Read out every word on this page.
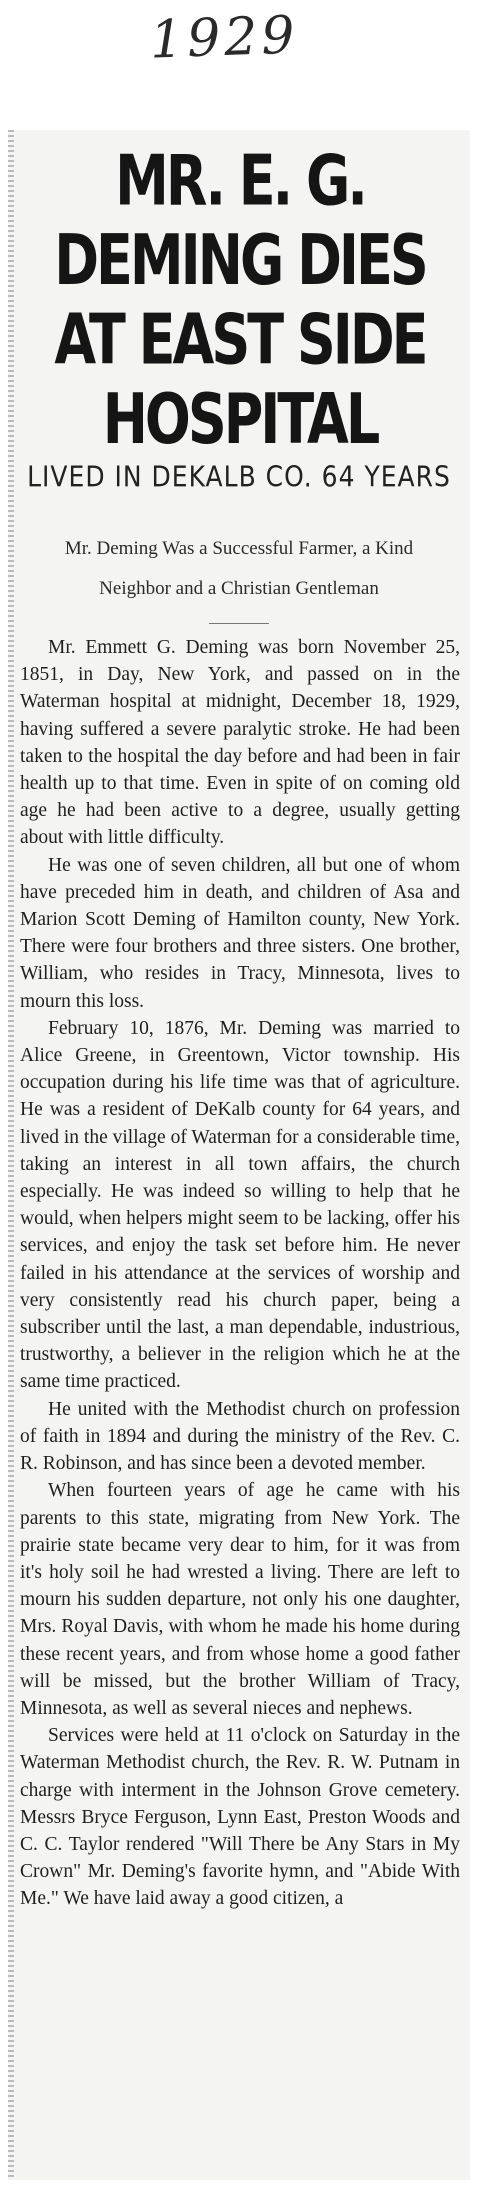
1929
MR. E. G. DEMING DIES AT EAST SIDE HOSPITAL
LIVED IN DEKALB CO. 64 YEARS
Mr. Deming Was a Successful Farmer, a Kind Neighbor and a Christian Gentleman

Mr. Emmett G. Deming was born November 25, 1851, in Day, New York, and passed on in the Waterman hospital at midnight, December 18, 1929, having suffered a severe paralytic stroke. He had been taken to the hospital the day before and had been in fair health up to that time. Even in spite of on coming old age he had been active to a degree, usually getting about with little difficulty.

He was one of seven children, all but one of whom have preceded him in death, and children of Asa and Marion Scott Deming of Hamilton county, New York. There were four brothers and three sisters. One brother, William, who resides in Tracy, Minnesota, lives to mourn this loss.

February 10, 1876, Mr. Deming was married to Alice Greene, in Greentown, Victor township. His occupation during his life time was that of agriculture. He was a resident of DeKalb county for 64 years, and lived in the village of Waterman for a considerable time, taking an interest in all town affairs, the church especially. He was indeed so willing to help that he would, when helpers might seem to be lacking, offer his services, and enjoy the task set before him. He never failed in his attendance at the services of worship and very consistently read his church paper, being a subscriber until the last, a man dependable, industrious, trustworthy, a believer in the religion which he at the same time practiced.

He united with the Methodist church on profession of faith in 1894 and during the ministry of the Rev. C. R. Robinson, and has since been a devoted member.

When fourteen years of age he came with his parents to this state, migrating from New York. The prairie state became very dear to him, for it was from it's holy soil he had wrested a living. There are left to mourn his sudden departure, not only his one daughter, Mrs. Royal Davis, with whom he made his home during these recent years, and from whose home a good father will be missed, but the brother William of Tracy, Minnesota, as well as several nieces and nephews.

Services were held at 11 o'clock on Saturday in the Waterman Methodist church, the Rev. R. W. Putnam in charge with interment in the Johnson Grove cemetery. Messrs Bryce Ferguson, Lynn East, Preston Woods and C. C. Taylor rendered "Will There be Any Stars in My Crown" Mr. Deming's favorite hymn, and "Abide With Me." We have laid away a good citizen, a
